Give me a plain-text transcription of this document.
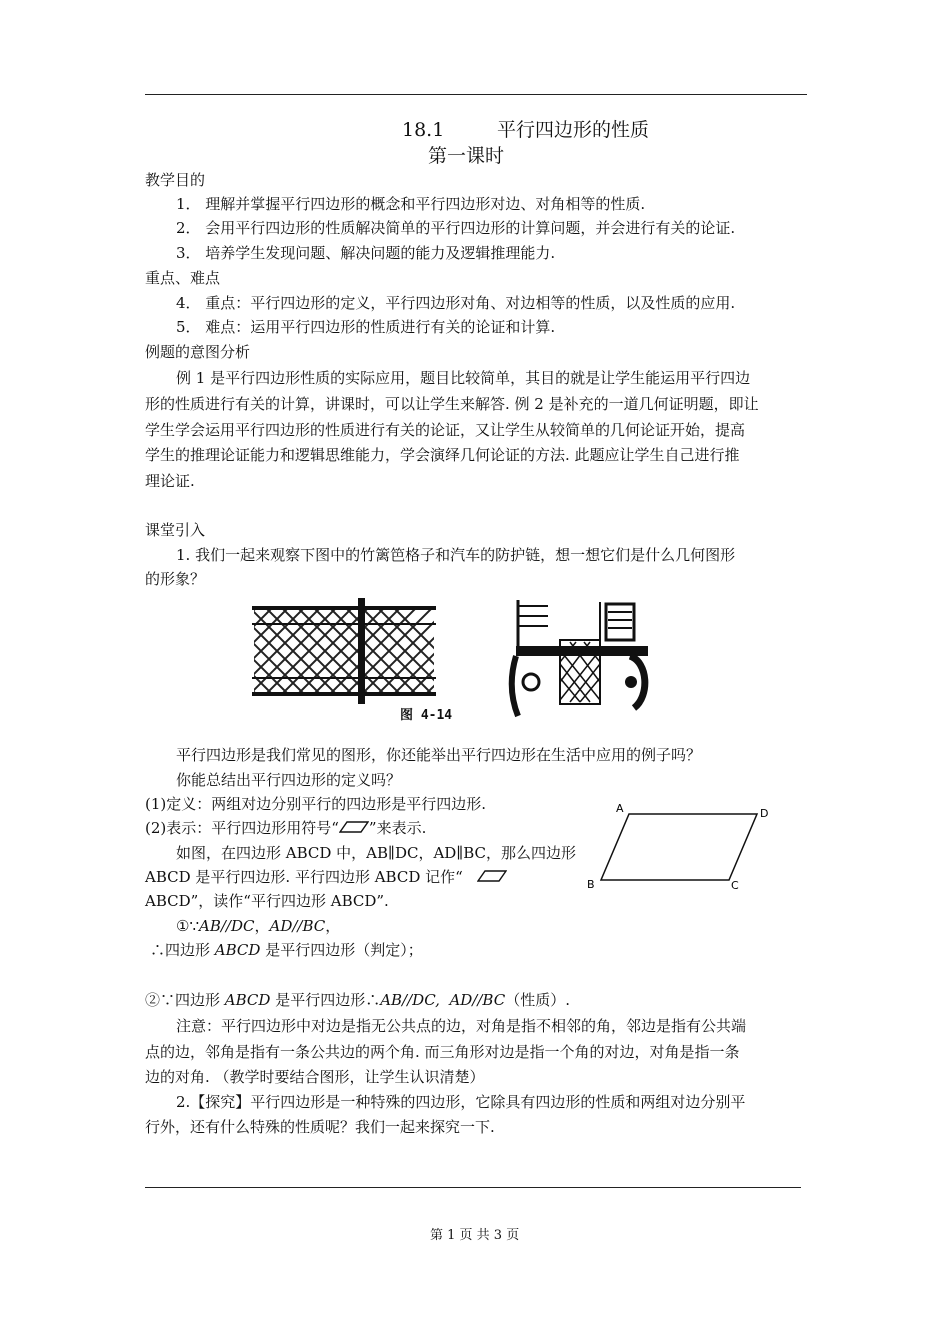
18.1	平行四边形的性质
第一课时
教学目的
1． 理解并掌握平行四边形的概念和平行四边形对边、对角相等的性质.
2． 会用平行四边形的性质解决简单的平行四边形的计算问题，并会进行有关的论证.
3． 培养学生发现问题、解决问题的能力及逻辑推理能力.
重点、难点
4． 重点：平行四边形的定义，平行四边形对角、对边相等的性质，以及性质的应用.
5． 难点：运用平行四边形的性质进行有关的论证和计算.
例题的意图分析
例 1 是平行四边形性质的实际应用，题目比较简单，其目的就是让学生能运用平行四边
形的性质进行有关的计算，讲课时，可以让学生来解答. 例 2 是补充的一道几何证明题，即让
学生学会运用平行四边形的性质进行有关的论证，又让学生从较简单的几何论证开始，提高
学生的推理论证能力和逻辑思维能力，学会演绎几何论证的方法. 此题应让学生自己进行推
理论证.
课堂引入
1. 我们一起来观察下图中的竹篱笆格子和汽车的防护链，想一想它们是什么几何图形
的形象？
图 4-14
平行四边形是我们常见的图形，你还能举出平行四边形在生活中应用的例子吗？
你能总结出平行四边形的定义吗？
(1)定义：两组对边分别平行的四边形是平行四边形.
(2)表示：平行四边形用符号“ ”来表示.
如图，在四边形 ABCD 中，AB∥DC，AD∥BC，那么四边形
ABCD 是平行四边形. 平行四边形 ABCD 记作“
ABCD”，读作“平行四边形 ABCD”.
A	D
B	C
①∵AB//DC，AD//BC，
∴四边形 ABCD 是平行四边形（判定）；
②∵四边形 ABCD 是平行四边形∴AB//DC, AD//BC（性质）.
注意：平行四边形中对边是指无公共点的边，对角是指不相邻的角，邻边是指有公共端
点的边，邻角是指有一条公共边的两个角. 而三角形对边是指一个角的对边，对角是指一条
边的对角. （教学时要结合图形，让学生认识清楚）
2.【探究】平行四边形是一种特殊的四边形，它除具有四边形的性质和两组对边分别平
行外，还有什么特殊的性质呢？我们一起来探究一下.
第 1 页 共 3 页
